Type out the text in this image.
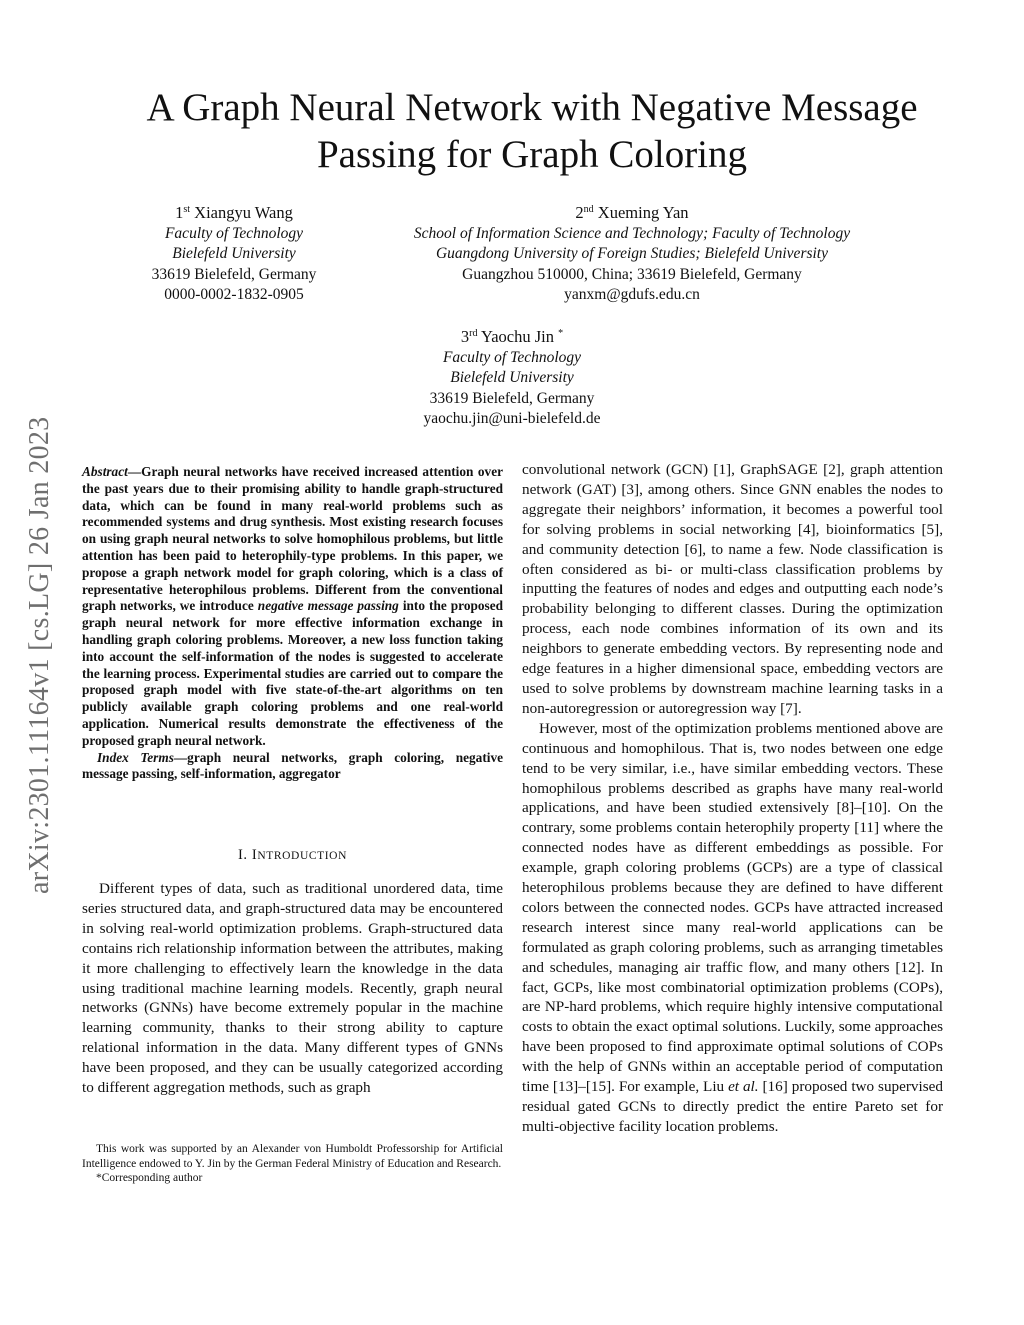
arXiv:2301.11164v1 [cs.LG] 26 Jan 2023
A Graph Neural Network with Negative Message
Passing for Graph Coloring
1st Xiangyu Wang
Faculty of Technology
Bielefeld University
33619 Bielefeld, Germany
0000-0002-1832-0905
2nd Xueming Yan
School of Information Science and Technology; Faculty of Technology
Guangdong University of Foreign Studies; Bielefeld University
Guangzhou 510000, China; 33619 Bielefeld, Germany
yanxm@gdufs.edu.cn
3rd Yaochu Jin *
Faculty of Technology
Bielefeld University
33619 Bielefeld, Germany
yaochu.jin@uni-bielefeld.de

Abstract—Graph neural networks have received increased attention over the past years due to their promising ability to handle graph-structured data, which can be found in many real-world problems such as recommended systems and drug synthesis. Most existing research focuses on using graph neural networks to solve homophilous problems, but little attention has been paid to heterophily-type problems. In this paper, we propose a graph network model for graph coloring, which is a class of representative heterophilous problems. Different from the conventional graph networks, we introduce negative message passing into the proposed graph neural network for more effective information exchange in handling graph coloring problems. Moreover, a new loss function taking into account the self-information of the nodes is suggested to accelerate the learning process. Experimental studies are carried out to compare the proposed graph model with five state-of-the-art algorithms on ten publicly available graph coloring problems and one real-world application. Numerical results demonstrate the effectiveness of the proposed graph neural network.

Index Terms—graph neural networks, graph coloring, negative message passing, self-information, aggregator

I. INTRODUCTION

Different types of data, such as traditional unordered data, time series structured data, and graph-structured data may be encountered in solving real-world optimization problems. Graph-structured data contains rich relationship information between the attributes, making it more challenging to effectively learn the knowledge in the data using traditional machine learning models. Recently, graph neural networks (GNNs) have become extremely popular in the machine learning community, thanks to their strong ability to capture relational information in the data. Many different types of GNNs have been proposed, and they can be usually categorized according to different aggregation methods, such as graph

This work was supported by an Alexander von Humboldt Professorship for Artificial Intelligence endowed to Y. Jin by the German Federal Ministry of Education and Research.

*Corresponding author

convolutional network (GCN) [1], GraphSAGE [2], graph attention network (GAT) [3], among others. Since GNN enables the nodes to aggregate their neighbors’ information, it becomes a powerful tool for solving problems in social networking [4], bioinformatics [5], and community detection [6], to name a few. Node classification is often considered as bi- or multi-class classification problems by inputting the features of nodes and edges and outputting each node’s probability belonging to different classes. During the optimization process, each node combines information of its own and its neighbors to generate embedding vectors. By representing node and edge features in a higher dimensional space, embedding vectors are used to solve problems by downstream machine learning tasks in a non-autoregression or autoregression way [7].

However, most of the optimization problems mentioned above are continuous and homophilous. That is, two nodes between one edge tend to be very similar, i.e., have similar embedding vectors. These homophilous problems described as graphs have many real-world applications, and have been studied extensively [8]–[10]. On the contrary, some problems contain heterophily property [11] where the connected nodes have as different embeddings as possible. For example, graph coloring problems (GCPs) are a type of classical heterophilous problems because they are defined to have different colors between the connected nodes. GCPs have attracted increased research interest since many real-world applications can be formulated as graph coloring problems, such as arranging timetables and schedules, managing air traffic flow, and many others [12]. In fact, GCPs, like most combinatorial optimization problems (COPs), are NP-hard problems, which require highly intensive computational costs to obtain the exact optimal solutions. Luckily, some approaches have been proposed to find approximate optimal solutions of COPs with the help of GNNs within an acceptable period of computation time [13]–[15]. For example, Liu et al. [16] proposed two supervised residual gated GCNs to directly predict the entire Pareto set for multi-objective facility location problems.
